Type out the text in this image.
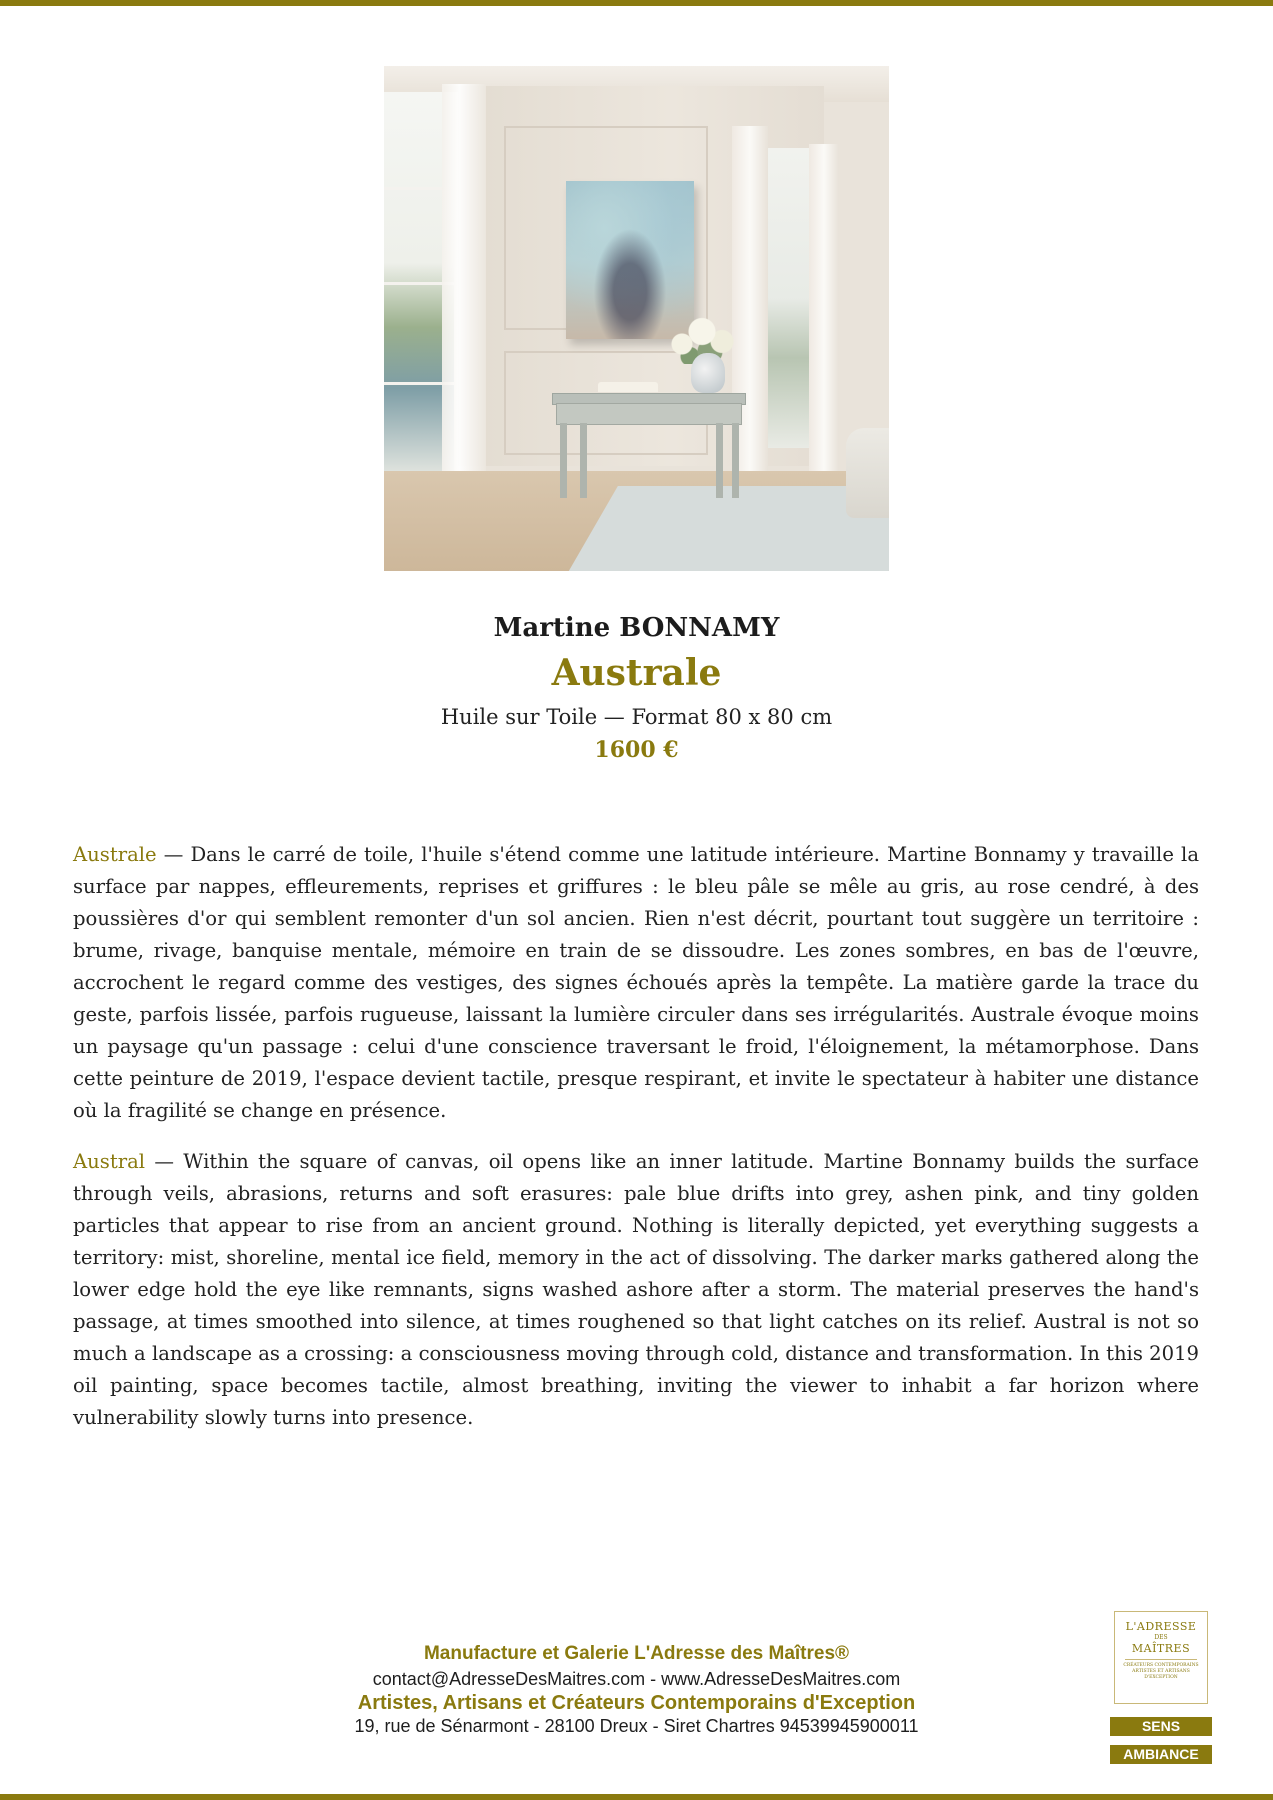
Martine BONNAMY
Australe
Huile sur Toile — Format 80 x 80 cm
1600 €

Australe — Dans le carré de toile, l'huile s'étend comme une latitude intérieure. Martine Bonnamy y travaille la surface par nappes, effleurements, reprises et griffures : le bleu pâle se mêle au gris, au rose cendré, à des poussières d'or qui semblent remonter d'un sol ancien. Rien n'est décrit, pourtant tout suggère un territoire : brume, rivage, banquise mentale, mémoire en train de se dissoudre. Les zones sombres, en bas de l'œuvre, accrochent le regard comme des vestiges, des signes échoués après la tempête. La matière garde la trace du geste, parfois lissée, parfois rugueuse, laissant la lumière circuler dans ses irrégularités. Australe évoque moins un paysage qu'un passage : celui d'une conscience traversant le froid, l'éloignement, la métamorphose. Dans cette peinture de 2019, l'espace devient tactile, presque respirant, et invite le spectateur à habiter une distance où la fragilité se change en présence.

Austral — Within the square of canvas, oil opens like an inner latitude. Martine Bonnamy builds the surface through veils, abrasions, returns and soft erasures: pale blue drifts into grey, ashen pink, and tiny golden particles that appear to rise from an ancient ground. Nothing is literally depicted, yet everything suggests a territory: mist, shoreline, mental ice field, memory in the act of dissolving. The darker marks gathered along the lower edge hold the eye like remnants, signs washed ashore after a storm. The material preserves the hand's passage, at times smoothed into silence, at times roughened so that light catches on its relief. Austral is not so much a landscape as a crossing: a consciousness moving through cold, distance and transformation. In this 2019 oil painting, space becomes tactile, almost breathing, inviting the viewer to inhabit a far horizon where vulnerability slowly turns into presence.

Manufacture et Galerie L'Adresse des Maîtres®
contact@AdresseDesMaitres.com - www.AdresseDesMaitres.com
Artistes, Artisans et Créateurs Contemporains d'Exception
19, rue de Sénarmont - 28100 Dreux - Siret Chartres 94539945900011
L'ADRESSE
DES
MAÎTRES
CRÉATEURS CONTEMPORAINS ARTISTES ET ARTISANS D'EXCEPTION
SENS
AMBIANCE
